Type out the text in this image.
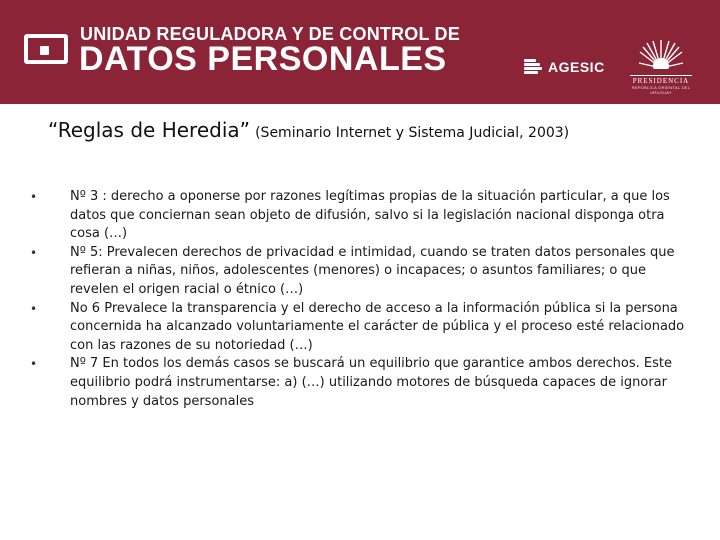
UNIDAD REGULADORA Y DE CONTROL DE
DATOS PERSONALES	AGESIC
PRESIDENCIA
REPÚBLICA ORIENTAL DEL URUGUAY
“Reglas de Heredia” (Seminario Internet y Sistema Judicial, 2003)
•	Nº 3 : derecho a oponerse por razones legítimas propias de la situación particular, a que los datos que conciernan sean objeto de difusión, salvo si la legislación nacional disponga otra cosa (…)
•	Nº 5: Prevalecen derechos de privacidad e intimidad, cuando se traten datos personales que refieran a niñas, niños, adolescentes (menores) o incapaces; o asuntos familiares; o que revelen el origen racial o étnico (…)
•	No 6 Prevalece la transparencia y el derecho de acceso a la información pública si la persona concernida ha alcanzado voluntariamente el carácter de pública y el proceso esté relacionado con las razones de su notoriedad (…)
•	Nº 7 En todos los demás casos se buscará un equilibrio que garantice ambos derechos. Este equilibrio podrá instrumentarse: a) (…) utilizando motores de búsqueda capaces de ignorar nombres y datos personales
